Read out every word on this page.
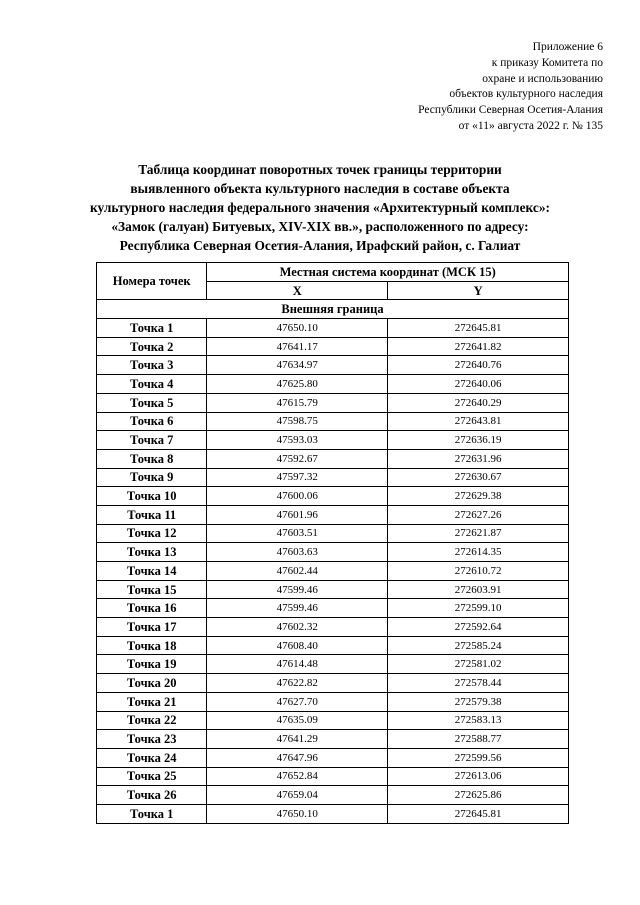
Приложение 6
к приказу Комитета по
охране и использованию
объектов культурного наследия
Республики Северная Осетия-Алания
от «11» августа 2022 г. № 135
Таблица координат поворотных точек границы территории
выявленного объекта культурного наследия в составе объекта
культурного наследия федерального значения «Архитектурный комплекс»:
«Замок (галуан) Битуевых, XIV-XIX вв.», расположенного по адресу:
Республика Северная Осетия-Алания, Ирафский район, с. Галиат
Номера точек	Местная система координат (МСК 15)	
	X	Y
Внешняя граница		
Точка 1	47650.10	272645.81
Точка 2	47641.17	272641.82
Точка 3	47634.97	272640.76
Точка 4	47625.80	272640.06
Точка 5	47615.79	272640.29
Точка 6	47598.75	272643.81
Точка 7	47593.03	272636.19
Точка 8	47592.67	272631.96
Точка 9	47597.32	272630.67
Точка 10	47600.06	272629.38
Точка 11	47601.96	272627.26
Точка 12	47603.51	272621.87
Точка 13	47603.63	272614.35
Точка 14	47602.44	272610.72
Точка 15	47599.46	272603.91
Точка 16	47599.46	272599.10
Точка 17	47602.32	272592.64
Точка 18	47608.40	272585.24
Точка 19	47614.48	272581.02
Точка 20	47622.82	272578.44
Точка 21	47627.70	272579.38
Точка 22	47635.09	272583.13
Точка 23	47641.29	272588.77
Точка 24	47647.96	272599.56
Точка 25	47652.84	272613.06
Точка 26	47659.04	272625.86
Точка 1	47650.10	272645.81
